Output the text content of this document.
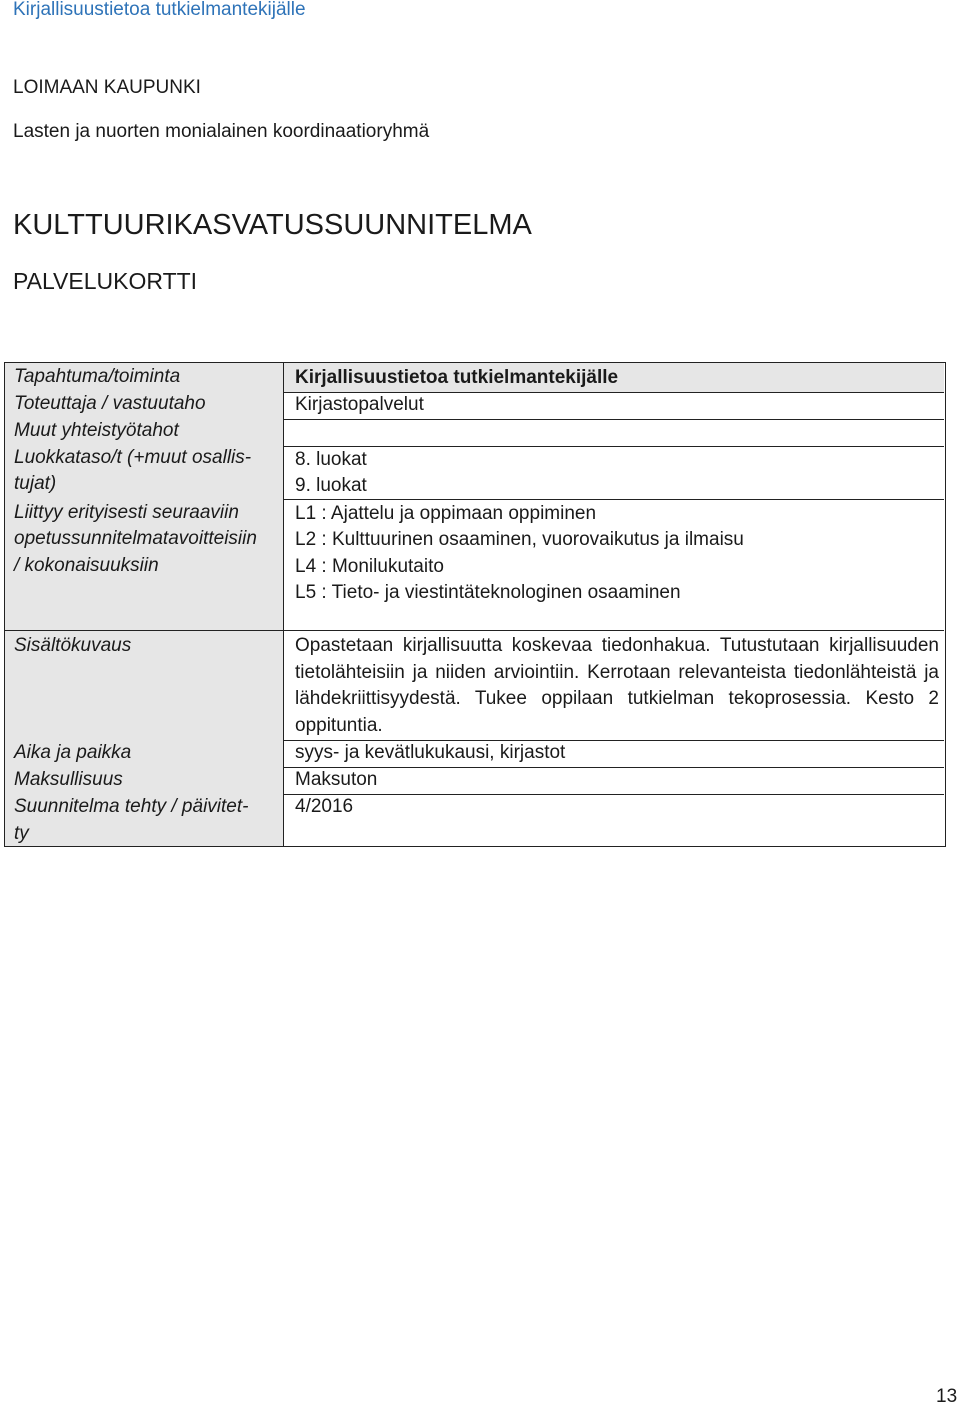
Kirjallisuustietoa tutkielmantekijälle
LOIMAAN KAUPUNKI
Lasten ja nuorten monialainen koordinaatioryhmä
KULTTUURIKASVATUSSUUNNITELMA
PALVELUKORTTI
Tapahtuma/toiminta
Toteuttaja / vastuutaho
Muut yhteistyötahot
Luokkataso/t (+muut osallis-
tujat)
Liittyy erityisesti seuraaviin
opetussunnitelmatavoitteisiin
/ kokonaisuuksiin
Sisältökuvaus
Aika ja paikka
Maksullisuus
Suunnitelma tehty / päivitet-
ty
Kirjallisuustietoa tutkielmantekijälle
Kirjastopalvelut
8. luokat
9. luokat
L1 : Ajattelu ja oppimaan oppiminen
L2 : Kulttuurinen osaaminen, vuorovaikutus ja ilmaisu
L4 : Monilukutaito
L5 : Tieto- ja viestintäteknologinen osaaminen
Opastetaan kirjallisuutta koskevaa tiedonhakua. Tutustutaan kirjallisuuden tietolähteisiin ja niiden arviointiin. Kerrotaan relevanteista tiedonlähteistä ja lähdekriittisyydestä. Tukee oppilaan tutkielman tekoprosessia. Kesto 2 oppituntia.
syys- ja kevätlukukausi, kirjastot
Maksuton
4/2016
13
